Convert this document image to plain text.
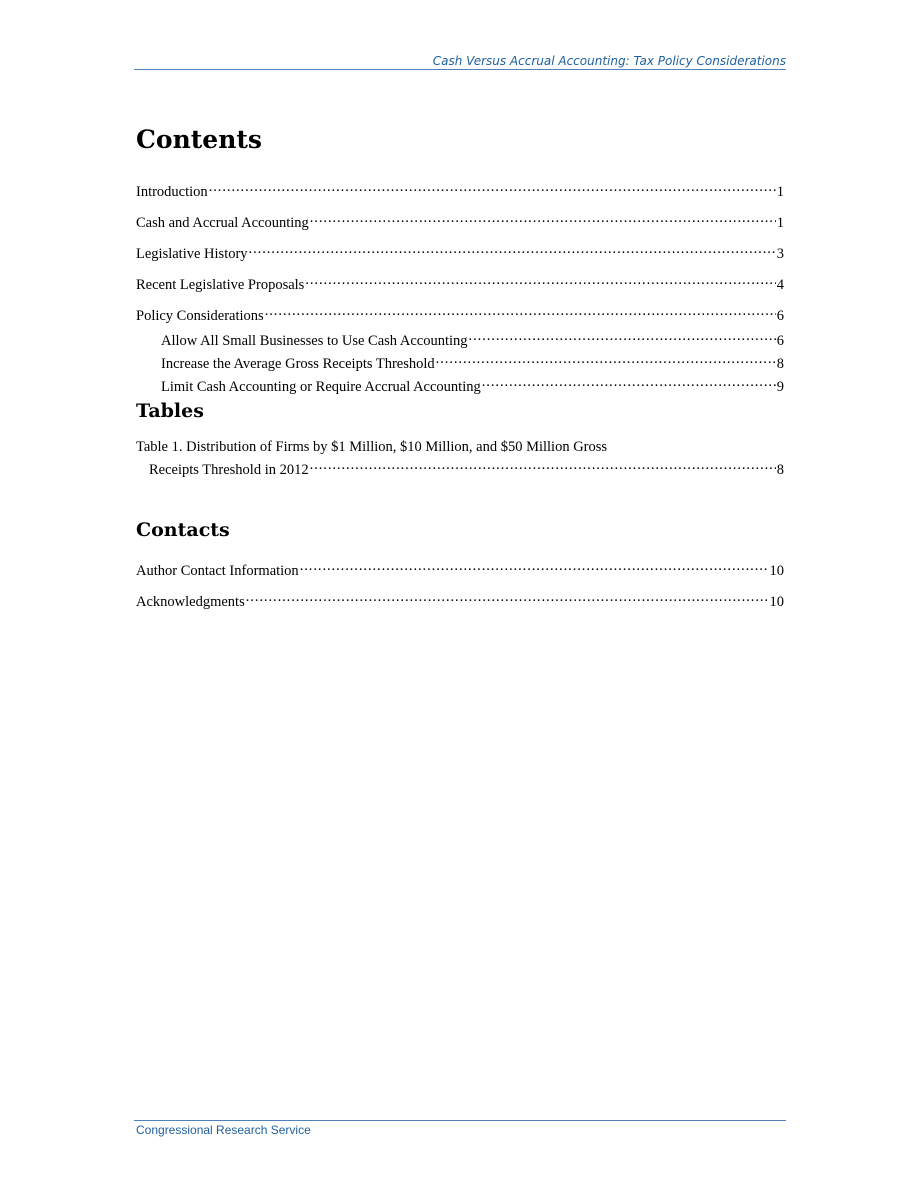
Cash Versus Accrual Accounting: Tax Policy Considerations
Contents
Introduction . . .	1
Cash and Accrual Accounting . . .	1
Legislative History . . .	3
Recent Legislative Proposals . . .	4
Policy Considerations . . .	6
Allow All Small Businesses to Use Cash Accounting . . .	6
Increase the Average Gross Receipts Threshold . . .	8
Limit Cash Accounting or Require Accrual Accounting . . .	9
Tables
Table 1. Distribution of Firms by $1 Million, $10 Million, and $50 Million Gross
Receipts Threshold in 2012 . . .	8
Contacts
Author Contact Information . . .	10
Acknowledgments . . .	10
Congressional Research Service
